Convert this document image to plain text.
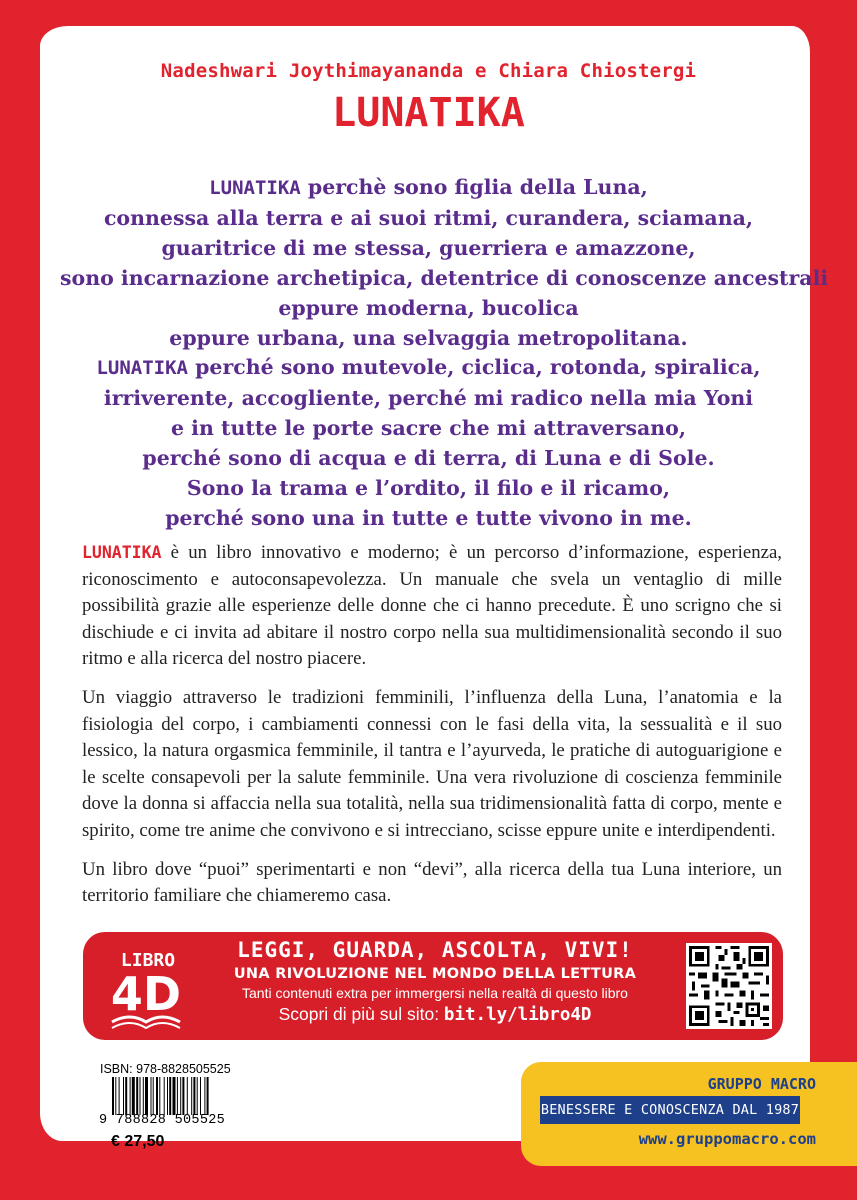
Nadeshwari Joythimayananda e Chiara Chiostergi
LUNATIKA
LUNATIKA perchè sono figlia della Luna,
connessa alla terra e ai suoi ritmi, curandera, sciamana,
guaritrice di me stessa, guerriera e amazzone,
sono incarnazione archetipica, detentrice di conoscenze ancestrali
eppure moderna, bucolica
eppure urbana, una selvaggia metropolitana.
LUNATIKA perché sono mutevole, ciclica, rotonda, spiralica,
irriverente, accogliente, perché mi radico nella mia Yoni
e in tutte le porte sacre che mi attraversano,
perché sono di acqua e di terra, di Luna e di Sole.
Sono la trama e l’ordito, il filo e il ricamo,
perché sono una in tutte e tutte vivono in me.

LUNATIKA è un libro innovativo e moderno; è un percorso d’informazione, esperienza, riconoscimento e autoconsapevolezza. Un manuale che svela un ventaglio di mille possibilità grazie alle esperienze delle donne che ci hanno precedute. È uno scrigno che si dischiude e ci invita ad abitare il nostro corpo nella sua multidimensionalità secondo il suo ritmo e alla ricerca del nostro piacere.

Un viaggio attraverso le tradizioni femminili, l’influenza della Luna, l’anatomia e la fisiologia del corpo, i cambiamenti connessi con le fasi della vita, la sessualità e il suo lessico, la natura orgasmica femminile, il tantra e l’ayurveda, le pratiche di autoguarigione e le scelte consapevoli per la salute femminile. Una vera rivoluzione di coscienza femminile dove la donna si affaccia nella sua totalità, nella sua tridimensionalità fatta di corpo, mente e spirito, come tre anime che convivono e si intrecciano, scisse eppure unite e interdipendenti.

Un libro dove “puoi” sperimentarti e non “devi”, alla ricerca della tua Luna interiore, un territorio familiare che chiameremo casa.

LIBRO
4D
LEGGI, GUARDA, ASCOLTA, VIVI!
UNA RIVOLUZIONE NEL MONDO DELLA LETTURA
Tanti contenuti extra per immergersi nella realtà di questo libro
Scopri di più sul sito: bit.ly/libro4D
ISBN: 978-8828505525
9 788828 505525
€ 27,50
GRUPPO MACRO
BENESSERE E CONOSCENZA DAL 1987
www.gruppomacro.com
